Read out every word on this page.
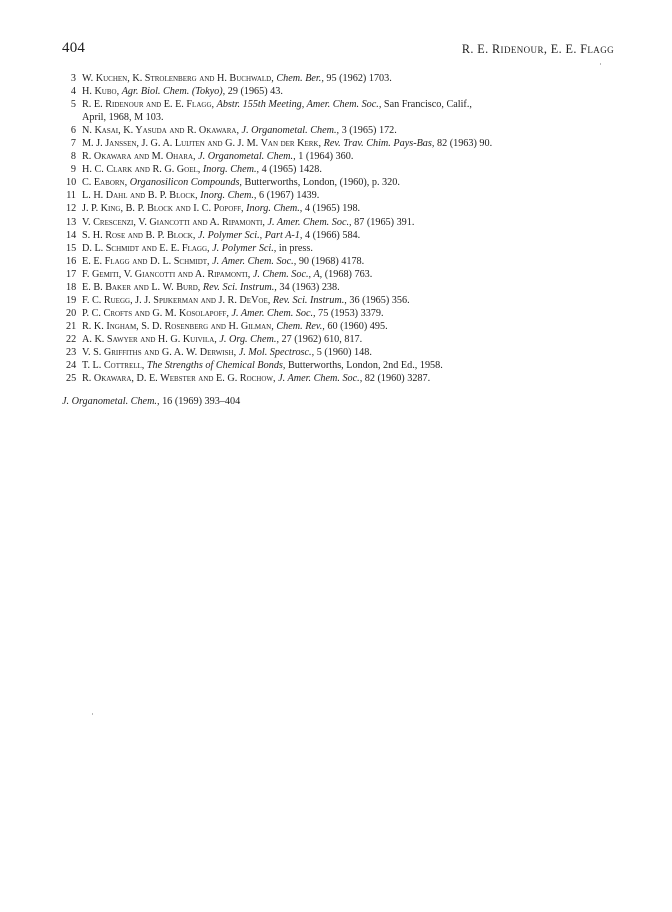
404	R. E. Ridenour, E. E. Flagg
3 W. Kuchen, K. Strolenberg and H. Buchwald, Chem. Ber., 95 (1962) 1703.
4 H. Kubo, Agr. Biol. Chem. (Tokyo), 29 (1965) 43.
5 R. E. Ridenour and E. E. Flagg, Abstr. 155th Meeting, Amer. Chem. Soc., San Francisco, Calif.,
April, 1968, M 103.
6 N. Kasai, K. Yasuda and R. Okawara, J. Organometal. Chem., 3 (1965) 172.
7 M. J. Janssen, J. G. A. Luijten and G. J. M. Van der Kerk, Rev. Trav. Chim. Pays-Bas, 82 (1963) 90.
8 R. Okawara and M. Ohara, J. Organometal. Chem., 1 (1964) 360.
9 H. C. Clark and R. G. Goel, Inorg. Chem., 4 (1965) 1428.
10 C. Eaborn, Organosilicon Compounds, Butterworths, London, (1960), p. 320.
11 L. H. Dahl and B. P. Block, Inorg. Chem., 6 (1967) 1439.
12 J. P. King, B. P. Block and I. C. Popoff, Inorg. Chem., 4 (1965) 198.
13 V. Crescenzi, V. Giancotti and A. Ripamonti, J. Amer. Chem. Soc., 87 (1965) 391.
14 S. H. Rose and B. P. Block, J. Polymer Sci., Part A-1, 4 (1966) 584.
15 D. L. Schmidt and E. E. Flagg, J. Polymer Sci., in press.
16 E. E. Flagg and D. L. Schmidt, J. Amer. Chem. Soc., 90 (1968) 4178.
17 F. Gemiti, V. Giancotti and A. Ripamonti, J. Chem. Soc., A, (1968) 763.
18 E. B. Baker and L. W. Burd, Rev. Sci. Instrum., 34 (1963) 238.
19 F. C. Ruegg, J. J. Spijkerman and J. R. DeVoe, Rev. Sci. Instrum., 36 (1965) 356.
20 P. C. Crofts and G. M. Kosolapoff, J. Amer. Chem. Soc., 75 (1953) 3379.
21 R. K. Ingham, S. D. Rosenberg and H. Gilman, Chem. Rev., 60 (1960) 495.
22 A. K. Sawyer and H. G. Kuivila, J. Org. Chem., 27 (1962) 610, 817.
23 V. S. Griffiths and G. A. W. Derwish, J. Mol. Spectrosc., 5 (1960) 148.
24 T. L. Cottrell, The Strengths of Chemical Bonds, Butterworths, London, 2nd Ed., 1958.
25 R. Okawara, D. E. Webster and E. G. Rochow, J. Amer. Chem. Soc., 82 (1960) 3287.
J. Organometal. Chem., 16 (1969) 393–404
